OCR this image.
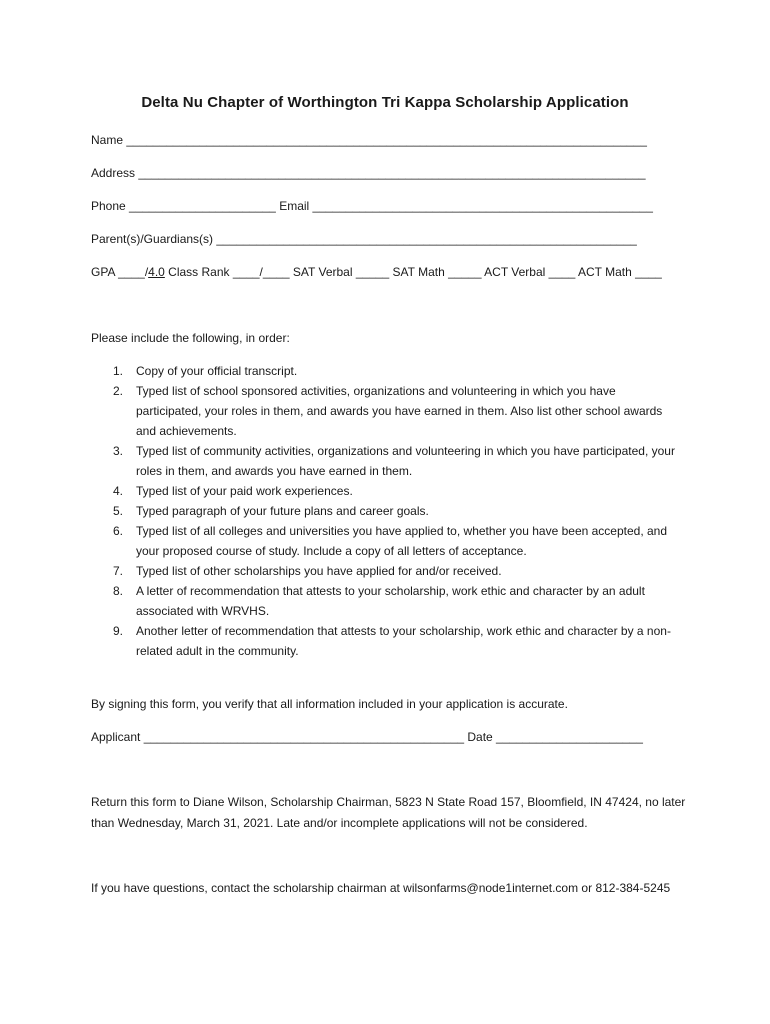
Delta Nu Chapter of Worthington Tri Kappa Scholarship Application
Name ______________________________________________________________________________
Address ____________________________________________________________________________
Phone ______________________ Email ___________________________________________________
Parent(s)/Guardians(s) _______________________________________________________________
GPA ____/4.0 Class Rank ____/____ SAT Verbal _____ SAT Math _____ ACT Verbal ____ ACT Math ____
Please include the following, in order:
1. Copy of your official transcript.
2. Typed list of school sponsored activities, organizations and volunteering in which you have participated, your roles in them, and awards you have earned in them. Also list other school awards and achievements.
3. Typed list of community activities, organizations and volunteering in which you have participated, your roles in them, and awards you have earned in them.
4. Typed list of your paid work experiences.
5. Typed paragraph of your future plans and career goals.
6. Typed list of all colleges and universities you have applied to, whether you have been accepted, and your proposed course of study. Include a copy of all letters of acceptance.
7. Typed list of other scholarships you have applied for and/or received.
8. A letter of recommendation that attests to your scholarship, work ethic and character by an adult associated with WRVHS.
9. Another letter of recommendation that attests to your scholarship, work ethic and character by a non-related adult in the community.
By signing this form, you verify that all information included in your application is accurate.
Applicant ________________________________________________ Date ______________________
Return this form to Diane Wilson, Scholarship Chairman, 5823 N State Road 157, Bloomfield, IN 47424, no later than Wednesday, March 31, 2021. Late and/or incomplete applications will not be considered.
If you have questions, contact the scholarship chairman at wilsonfarms@node1internet.com or 812-384-5245
